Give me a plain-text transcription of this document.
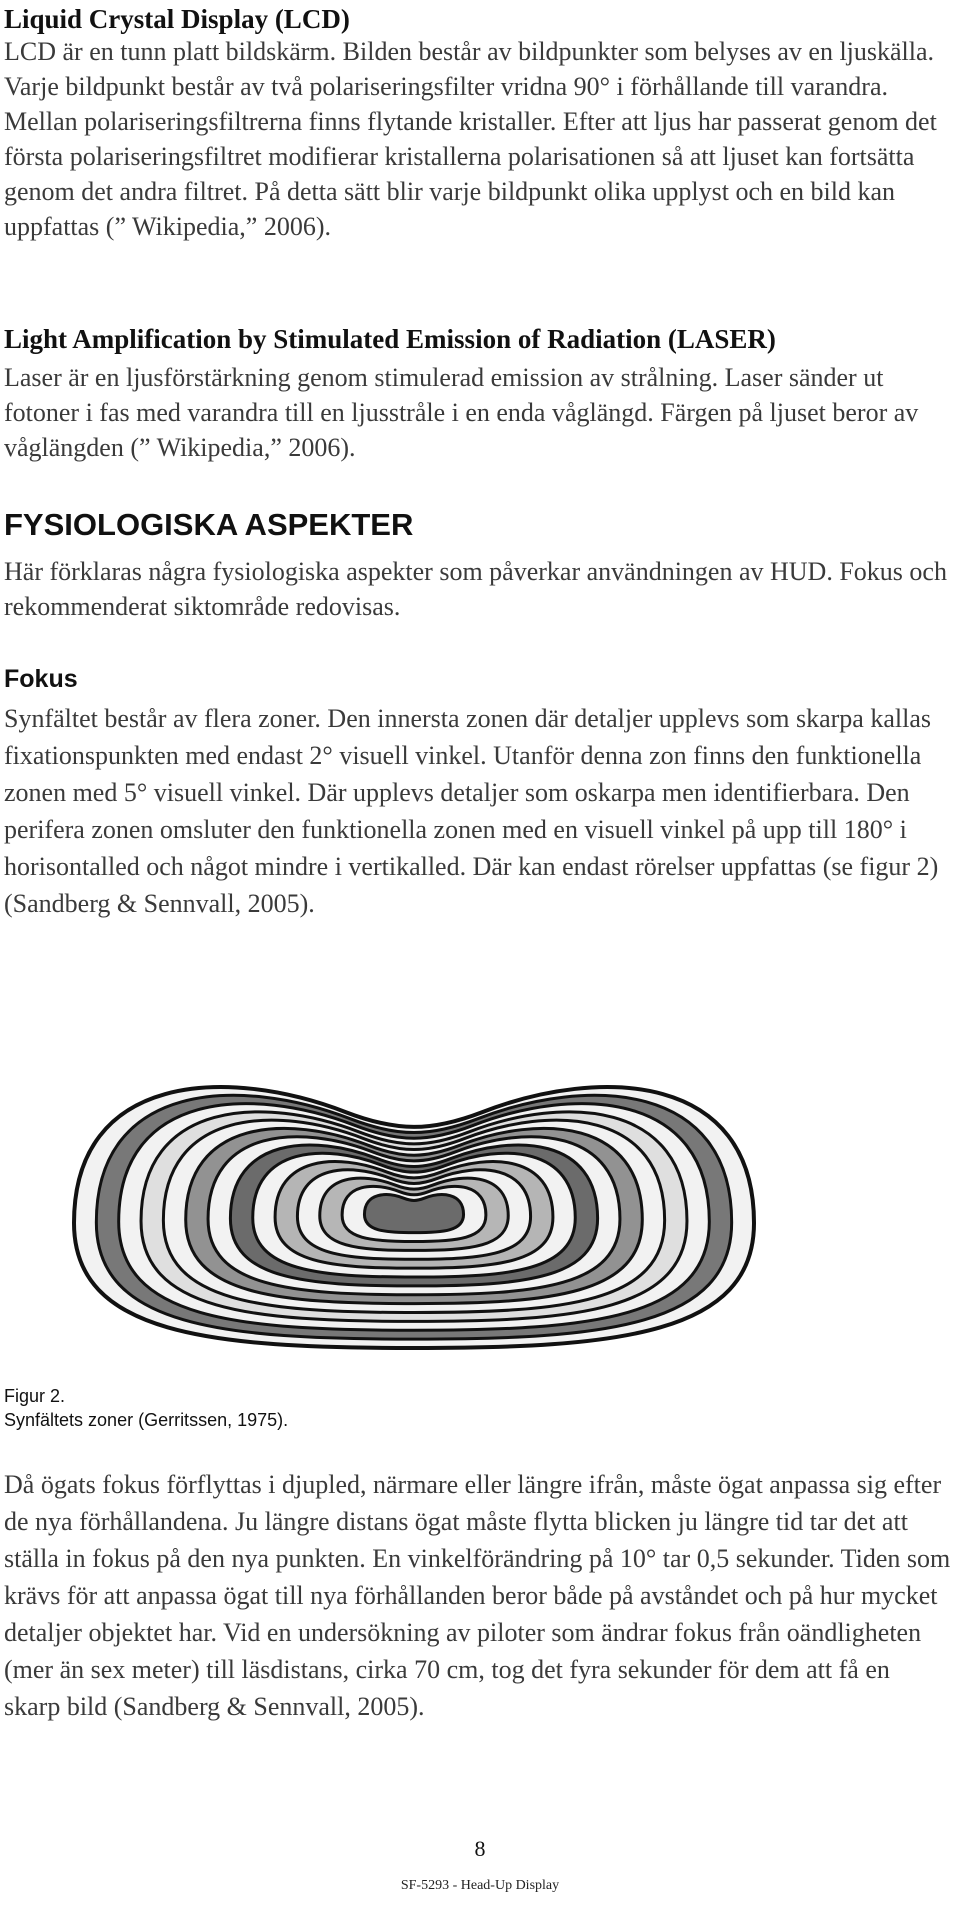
Liquid Crystal Display (LCD)

LCD är en tunn platt bildskärm. Bilden består av bildpunkter som belyses av en ljuskälla. Varje bildpunkt består av två polariseringsfilter vridna 90° i förhållande till varandra. Mellan polariseringsfiltrerna finns flytande kristaller. Efter att ljus har passerat genom det första polariseringsfiltret modifierar kristallerna polarisationen så att ljuset kan fortsätta genom det andra filtret. På detta sätt blir varje bildpunkt olika upplyst och en bild kan uppfattas (” Wikipedia,” 2006).

Light Amplification by Stimulated Emission of Radiation (LASER)

Laser är en ljusförstärkning genom stimulerad emission av strålning. Laser sänder ut fotoner i fas med varandra till en ljusstråle i en enda våglängd. Färgen på ljuset beror av våglängden (” Wikipedia,” 2006).

FYSIOLOGISKA ASPEKTER

Här förklaras några fysiologiska aspekter som påverkar användningen av HUD. Fokus och rekommenderat siktområde redovisas.

Fokus

Synfältet består av flera zoner. Den innersta zonen där detaljer upplevs som skarpa kallas fixationspunkten med endast 2° visuell vinkel. Utanför denna zon finns den funktionella zonen med 5° visuell vinkel. Där upplevs detaljer som oskarpa men identifierbara. Den perifera zonen omsluter den funktionella zonen med en visuell vinkel på upp till 180° i horisontalled och något mindre i vertikalled. Där kan endast rörelser uppfattas (se figur 2) (Sandberg & Sennvall, 2005).

Figur 2.
Synfältets zoner (Gerritssen, 1975).

Då ögats fokus förflyttas i djupled, närmare eller längre ifrån, måste ögat anpassa sig efter de nya förhållandena. Ju längre distans ögat måste flytta blicken ju längre tid tar det att ställa in fokus på den nya punkten. En vinkelförändring på 10° tar 0,5 sekunder. Tiden som krävs för att anpassa ögat till nya förhållanden beror både på avståndet och på hur mycket detaljer objektet har. Vid en undersökning av piloter som ändrar fokus från oändligheten (mer än sex meter) till läsdistans, cirka 70 cm, tog det fyra sekunder för dem att få en skarp bild (Sandberg & Sennvall, 2005).

8
SF-5293 - Head-Up Display
